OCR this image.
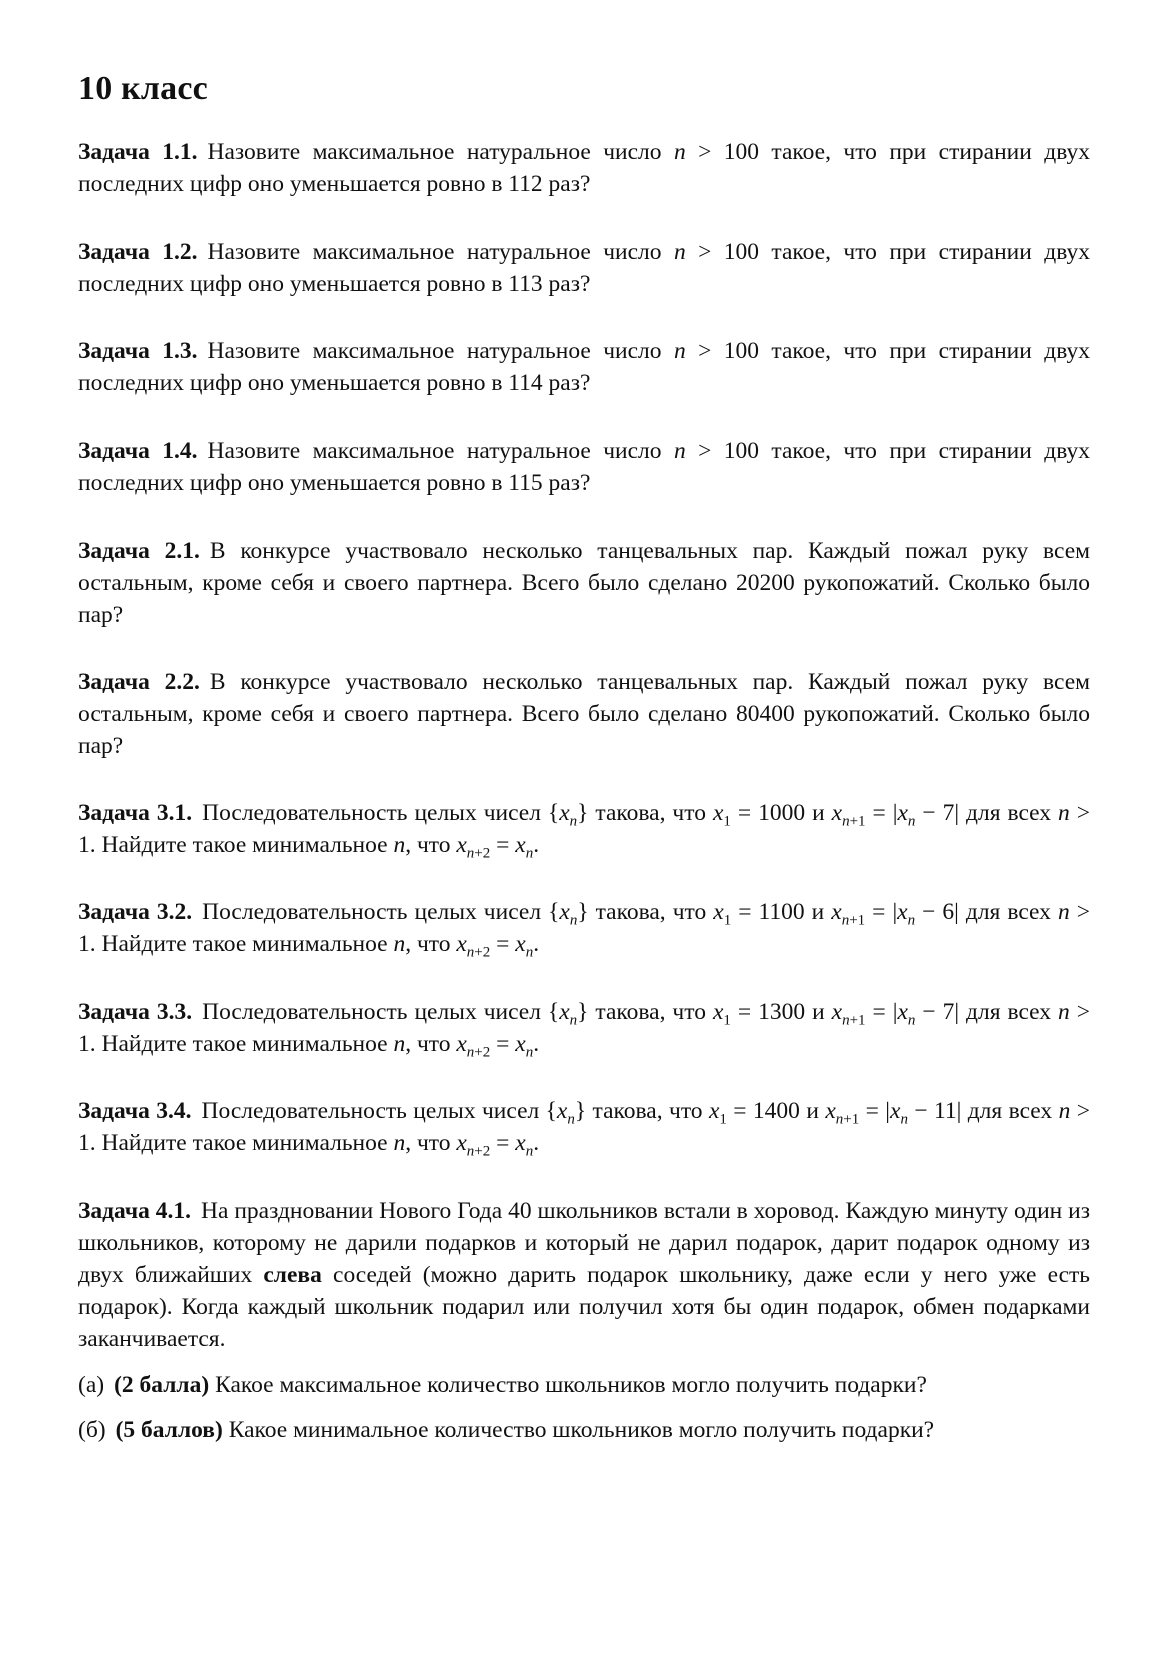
10 класс
Задача 1.1. Назовите максимальное натуральное число n > 100 такое, что при стирании двух последних цифр оно уменьшается ровно в 112 раз?
Задача 1.2. Назовите максимальное натуральное число n > 100 такое, что при стирании двух последних цифр оно уменьшается ровно в 113 раз?
Задача 1.3. Назовите максимальное натуральное число n > 100 такое, что при стирании двух последних цифр оно уменьшается ровно в 114 раз?
Задача 1.4. Назовите максимальное натуральное число n > 100 такое, что при стирании двух последних цифр оно уменьшается ровно в 115 раз?
Задача 2.1. В конкурсе участвовало несколько танцевальных пар. Каждый пожал руку всем остальным, кроме себя и своего партнера. Всего было сделано 20200 рукопожатий. Сколько было пар?
Задача 2.2. В конкурсе участвовало несколько танцевальных пар. Каждый пожал руку всем остальным, кроме себя и своего партнера. Всего было сделано 80400 рукопожатий. Сколько было пар?
Задача 3.1. Последовательность целых чисел $\{x_n\}$ такова, что $x_1 = 1000$ и $x_{n+1} = |x_n - 7|$ для всех n > 1. Найдите такое минимальное n, что $x_{n+2} = x_n$.
Задача 3.2. Последовательность целых чисел $\{x_n\}$ такова, что $x_1 = 1100$ и $x_{n+1} = |x_n - 6|$ для всех n > 1. Найдите такое минимальное n, что $x_{n+2} = x_n$.
Задача 3.3. Последовательность целых чисел $\{x_n\}$ такова, что $x_1 = 1300$ и $x_{n+1} = |x_n - 7|$ для всех n > 1. Найдите такое минимальное n, что $x_{n+2} = x_n$.
Задача 3.4. Последовательность целых чисел $\{x_n\}$ такова, что $x_1 = 1400$ и $x_{n+1} = |x_n - 11|$ для всех n > 1. Найдите такое минимальное n, что $x_{n+2} = x_n$.
Задача 4.1. На праздновании Нового Года 40 школьников встали в хоровод. Каждую минуту один из школьников, которому не дарили подарков и который не дарил подарок, дарит подарок одному из двух ближайших слева соседей (можно дарить подарок школьнику, даже если у него уже есть подарок). Когда каждый школьник подарил или получил хотя бы один подарок, обмен подарками заканчивается.
(а) (2 балла) Какое максимальное количество школьников могло получить подарки?
(б) (5 баллов) Какое минимальное количество школьников могло получить подарки?
